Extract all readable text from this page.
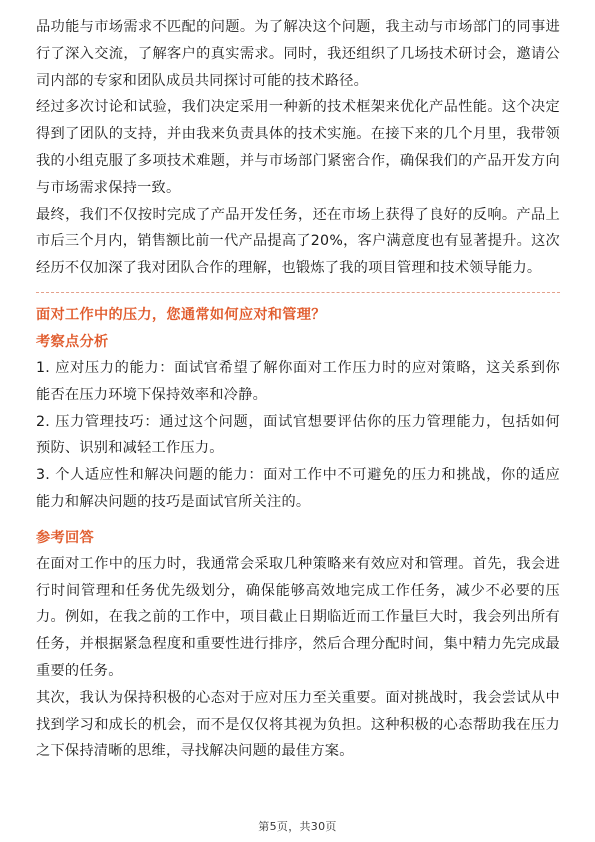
品功能与市场需求不匹配的问题。为了解决这个问题，我主动与市场部门的同事进行了深入交流，了解客户的真实需求。同时，我还组织了几场技术研讨会，邀请公司内部的专家和团队成员共同探讨可能的技术路径。

经过多次讨论和试验，我们决定采用一种新的技术框架来优化产品性能。这个决定得到了团队的支持，并由我来负责具体的技术实施。在接下来的几个月里，我带领我的小组克服了多项技术难题，并与市场部门紧密合作，确保我们的产品开发方向与市场需求保持一致。

最终，我们不仅按时完成了产品开发任务，还在市场上获得了良好的反响。产品上市后三个月内，销售额比前一代产品提高了20%，客户满意度也有显著提升。这次经历不仅加深了我对团队合作的理解，也锻炼了我的项目管理和技术领导能力。

面对工作中的压力，您通常如何应对和管理？

考察点分析

1. 应对压力的能力：面试官希望了解你面对工作压力时的应对策略，这关系到你能否在压力环境下保持效率和冷静。

2. 压力管理技巧：通过这个问题，面试官想要评估你的压力管理能力，包括如何预防、识别和减轻工作压力。

3. 个人适应性和解决问题的能力：面对工作中不可避免的压力和挑战，你的适应能力和解决问题的技巧是面试官所关注的。

参考回答

在面对工作中的压力时，我通常会采取几种策略来有效应对和管理。首先，我会进行时间管理和任务优先级划分，确保能够高效地完成工作任务，减少不必要的压力。例如，在我之前的工作中，项目截止日期临近而工作量巨大时，我会列出所有任务，并根据紧急程度和重要性进行排序，然后合理分配时间，集中精力先完成最重要的任务。

其次，我认为保持积极的心态对于应对压力至关重要。面对挑战时，我会尝试从中找到学习和成长的机会，而不是仅仅将其视为负担。这种积极的心态帮助我在压力之下保持清晰的思维，寻找解决问题的最佳方案。

第5页，共30页
